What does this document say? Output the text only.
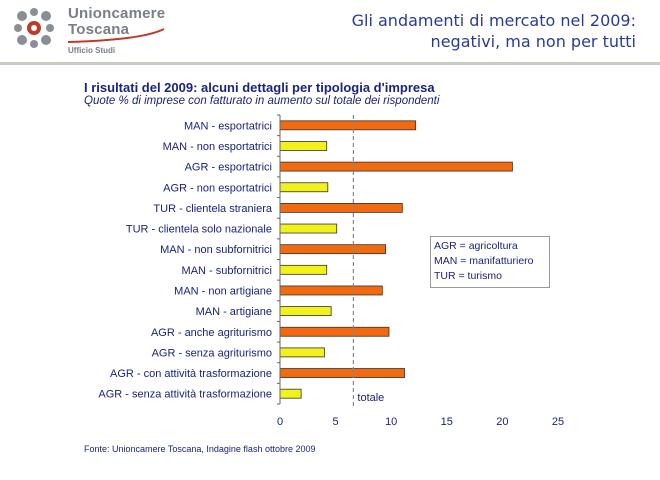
Unioncamere
Toscana
Ufficio Studi
Gli andamenti di mercato nel 2009:
negativi, ma non per tutti
I risultati del 2009: alcuni dettagli per tipologia d'impresa
Quote % di imprese con fatturato in aumento sul totale dei rispondenti
MAN - esportatrici
MAN - non esportatrici
AGR - esportatrici
AGR - non esportatrici
TUR - clientela straniera
TUR - clientela solo nazionale
MAN - non subfornitrici
MAN - subfornitrici
MAN - non artigiane
MAN - artigiane
AGR - anche agriturismo
AGR - senza agriturismo
AGR - con attività trasformazione
AGR - senza attività trasformazione
0	5	10	15	20	25
totale
AGR = agricoltura
MAN = manifatturiero
TUR = turismo
Fonte: Unioncamere Toscana, Indagine flash ottobre 2009
